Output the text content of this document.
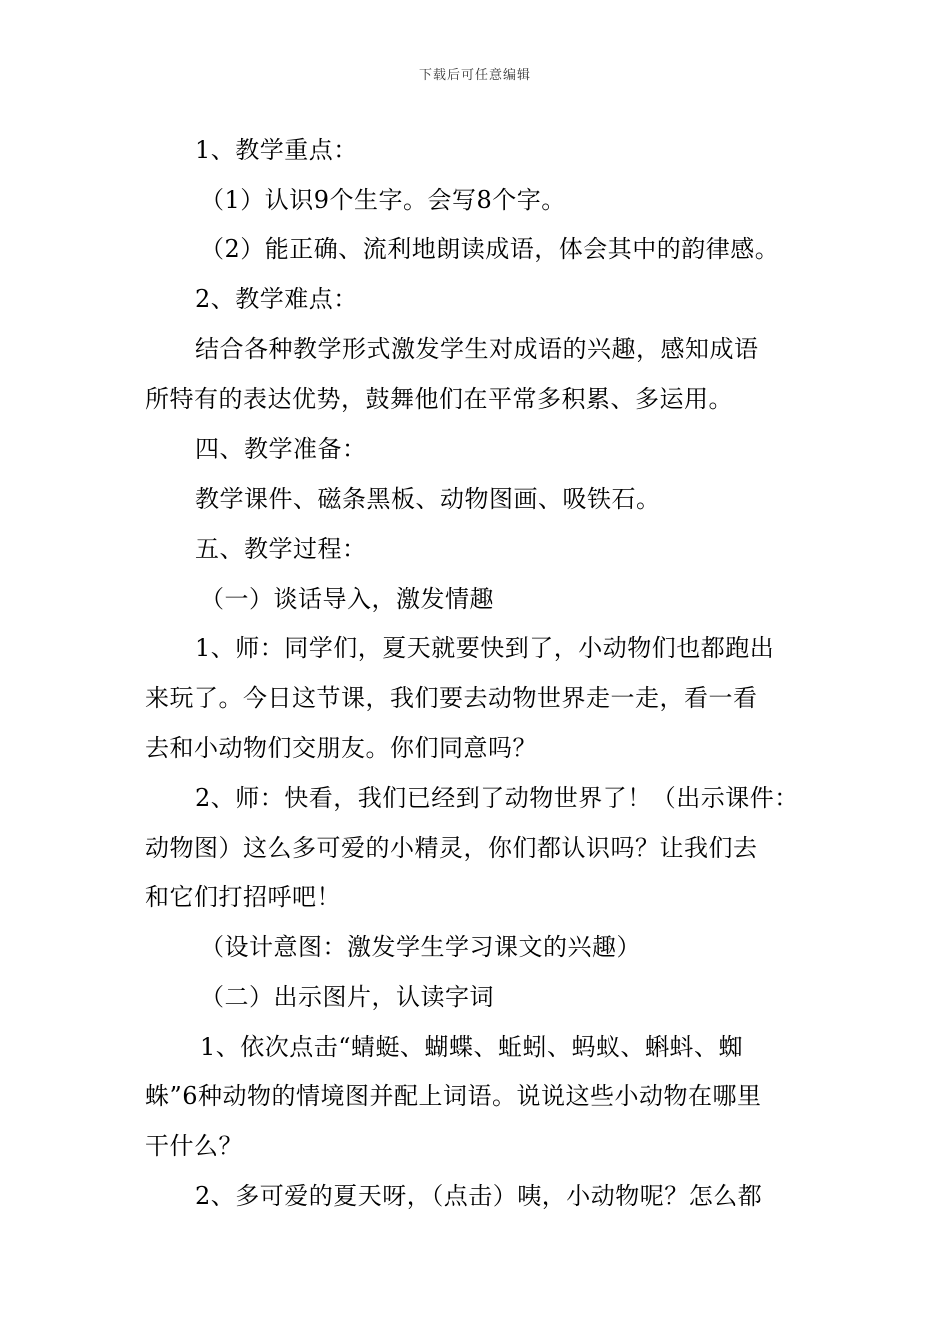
下载后可任意编辑
1、教学重点：
（1）认识9个生字。会写8个字。
（2）能正确、流利地朗读成语，体会其中的韵律感。
2、教学难点：
结合各种教学形式激发学生对成语的兴趣，感知成语
所特有的表达优势，鼓舞他们在平常多积累、多运用。
四、教学准备：
教学课件、磁条黑板、动物图画、吸铁石。
五、教学过程：
（一）谈话导入，激发情趣
1、师：同学们，夏天就要快到了，小动物们也都跑出
来玩了。今日这节课，我们要去动物世界走一走，看一看
去和小动物们交朋友。你们同意吗？
2、师：快看，我们已经到了动物世界了！（出示课件：
动物图）这么多可爱的小精灵，你们都认识吗？让我们去
和它们打招呼吧！
（设计意图：激发学生学习课文的兴趣）
（二）出示图片，认读字词
1、依次点击“蜻蜓、蝴蝶、蚯蚓、蚂蚁、蝌蚪、蜘
蛛”6种动物的情境图并配上词语。说说这些小动物在哪里
干什么？
2、多可爱的夏天呀，（点击）咦，小动物呢？怎么都
